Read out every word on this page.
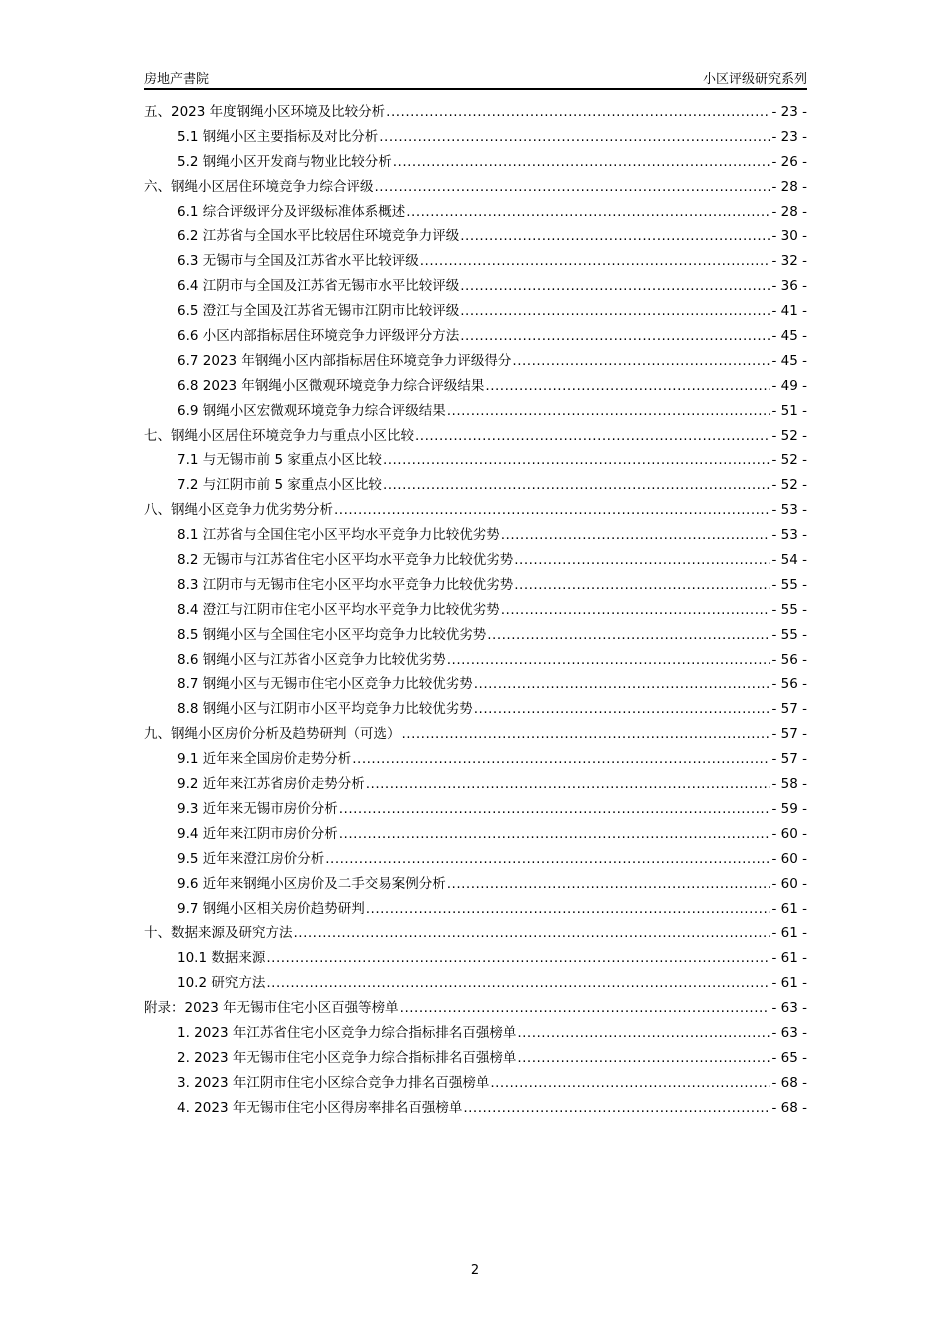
房地产書院	小区评级研究系列
五、2023 年度钢绳小区环境及比较分析 .....	- 23 -
5.1 钢绳小区主要指标及对比分析 .....	- 23 -
5.2 钢绳小区开发商与物业比较分析 .....	- 26 -
六、钢绳小区居住环境竞争力综合评级 .....	- 28 -
6.1 综合评级评分及评级标准体系概述 .....	- 28 -
6.2 江苏省与全国水平比较居住环境竞争力评级 .....	- 30 -
6.3 无锡市与全国及江苏省水平比较评级 .....	- 32 -
6.4 江阴市与全国及江苏省无锡市水平比较评级 .....	- 36 -
6.5 澄江与全国及江苏省无锡市江阴市比较评级 .....	- 41 -
6.6 小区内部指标居住环境竞争力评级评分方法 .....	- 45 -
6.7 2023 年钢绳小区内部指标居住环境竞争力评级得分 .....	- 45 -
6.8 2023 年钢绳小区微观环境竞争力综合评级结果 .....	- 49 -
6.9 钢绳小区宏微观环境竞争力综合评级结果 .....	- 51 -
七、钢绳小区居住环境竞争力与重点小区比较 .....	- 52 -
7.1 与无锡市前 5 家重点小区比较 .....	- 52 -
7.2 与江阴市前 5 家重点小区比较 .....	- 52 -
八、钢绳小区竞争力优劣势分析 .....	- 53 -
8.1 江苏省与全国住宅小区平均水平竞争力比较优劣势 .....	- 53 -
8.2 无锡市与江苏省住宅小区平均水平竞争力比较优劣势 .....	- 54 -
8.3 江阴市与无锡市住宅小区平均水平竞争力比较优劣势 .....	- 55 -
8.4 澄江与江阴市住宅小区平均水平竞争力比较优劣势 .....	- 55 -
8.5 钢绳小区与全国住宅小区平均竞争力比较优劣势 .....	- 55 -
8.6 钢绳小区与江苏省小区竞争力比较优劣势 .....	- 56 -
8.7 钢绳小区与无锡市住宅小区竞争力比较优劣势 .....	- 56 -
8.8 钢绳小区与江阴市小区平均竞争力比较优劣势 .....	- 57 -
九、钢绳小区房价分析及趋势研判（可选） .....	- 57 -
9.1 近年来全国房价走势分析 .....	- 57 -
9.2 近年来江苏省房价走势分析 .....	- 58 -
9.3 近年来无锡市房价分析 .....	- 59 -
9.4 近年来江阴市房价分析 .....	- 60 -
9.5 近年来澄江房价分析 .....	- 60 -
9.6 近年来钢绳小区房价及二手交易案例分析 .....	- 60 -
9.7 钢绳小区相关房价趋势研判 .....	- 61 -
十、数据来源及研究方法 .....	- 61 -
10.1 数据来源 .....	- 61 -
10.2 研究方法 .....	- 61 -
附录：2023 年无锡市住宅小区百强等榜单 .....	- 63 -
1. 2023 年江苏省住宅小区竞争力综合指标排名百强榜单 .....	- 63 -
2. 2023 年无锡市住宅小区竞争力综合指标排名百强榜单 .....	- 65 -
3. 2023 年江阴市住宅小区综合竞争力排名百强榜单 .....	- 68 -
4. 2023 年无锡市住宅小区得房率排名百强榜单 .....	- 68 -
2
